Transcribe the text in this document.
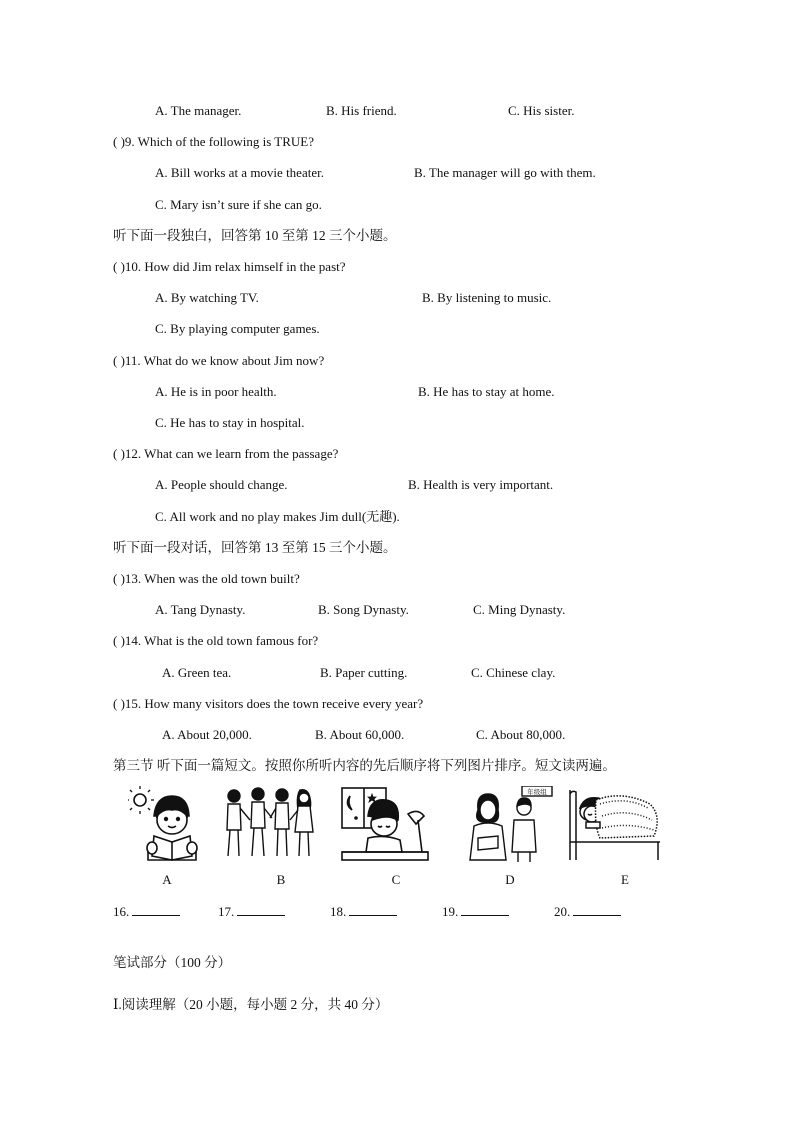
A. The manager.	B. His friend.	C. His sister.
( )9. Which of the following is TRUE?
A. Bill works at a movie theater.	B. The manager will go with them.
C. Mary isn’t sure if she can go.
听下面一段独白，回答第 10 至第 12 三个小题。
( )10. How did Jim relax himself in the past?
A. By watching TV.	B. By listening to music.
C. By playing computer games.
( )11. What do we know about Jim now?
A. He is in poor health.	B. He has to stay at home.
C. He has to stay in hospital.
( )12. What can we learn from the passage?
A. People should change.	B. Health is very important.
C. All work and no play makes Jim dull(无趣).
听下面一段对话，回答第 13 至第 15 三个小题。
( )13. When was the old town built?
A. Tang Dynasty.	B. Song Dynasty.	C. Ming Dynasty.
( )14. What is the old town famous for?
A. Green tea.	B. Paper cutting.	C. Chinese clay.
( )15. How many visitors does the town receive every year?
A. About 20,000.	B. About 60,000.	C. About 80,000.
第三节 听下面一篇短文。按照你所听内容的先后顺序将下列图片排序。短文读两遍。
年级组
A	B	C	D	E
16.	17.	18.	19.	20.
笔试部分（100 分）
Ⅰ.阅读理解（20 小题，每小题 2 分，共 40 分）
